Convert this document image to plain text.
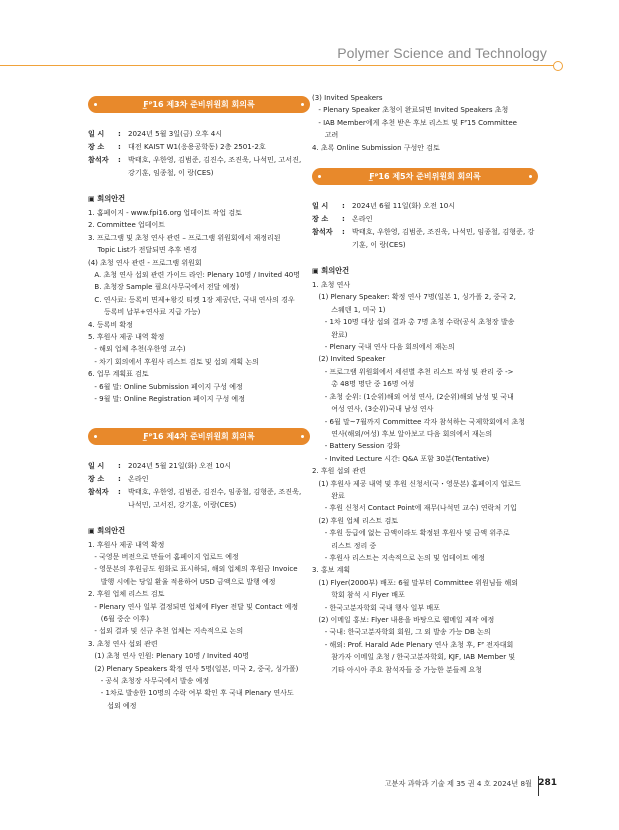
Polymer Science and Technology
F̲ᴾ16 제3차 준비위원회 회의록
일 시	:	2024년 5월 3일(금) 오후 4시
장 소	:	대전 KAIST W1(응용공학동) 2층 2501-2호
참석자	:	박태호, 우한영, 김범준, 김진수, 조진욱, 나석민, 고서진, 강기훈, 임종철, 이 랑(CES)
▣ 회의안건
1. 홈페이지 - www.fpi16.org 업데이트 작업 검토
2. Committee 업데이트
3. 프로그램 및 초청 연사 관련 – 프로그램 위원회에서 재정리된
Topic List가 전달되면 추후 변경
(4) 초청 연사 관련 - 프로그램 위원회
A. 초청 연사 섭외 관련 가이드 라인: Plenary 10명 / Invited 40명
B. 초청장 Sample 필요(사무국에서 전달 예정)
C. 연사료: 등록비 면제+왕깃 티켓 1장 제공(단, 국내 연사의 경우
등록비 납부+연사료 지급 가능)
4. 등록비 확정
5. 후원사 제공 내역 확정
- 해외 업체 추천(우한영 교수)
- 차기 회의에서 후원사 리스트 검토 및 섭외 계획 논의
6. 업무 계획표 검토
- 6월 말: Online Submission 페이지 구성 예정
- 9월 말: Online Registration 페이지 구성 예정
F̲ᴾ16 제4차 준비위원회 회의록
일 시	:	2024년 5월 21일(화) 오전 10시
장 소	:	온라인
참석자	:	박태호, 우한영, 김범준, 김진수, 임종철, 김형준, 조진욱, 나석민, 고서진, 강기훈, 이랑(CES)
▣ 회의안건
1. 후원사 제공 내역 확정
- 국영문 버전으로 만들어 홈페이지 업로드 예정
- 영문본의 후원금도 원화로 표시하되, 해외 업체의 후원금 Invoice
발행 시에는 당일 환율 적용하여 USD 금액으로 발행 예정
2. 후원 업체 리스트 검토
- Plenary 연사 일부 결정되면 업체에 Flyer 전달 및 Contact 예정
(6월 중순 이후)
- 섭외 결과 및 신규 추천 업체는 지속적으로 논의
3. 초청 연사 섭외 관련
(1) 초청 연사 인원: Plenary 10명 / Invited 40명
(2) Plenary Speakers 확정 연사 5명(일본, 미국 2, 중국, 싱가폴)
- 공식 초청장 사무국에서 발송 예정
- 1차로 발송한 10명의 수락 여부 확인 후 국내 Plenary 연사도
섭외 예정
(3) Invited Speakers
- Plenary Speaker 초청이 완료되면 Invited Speakers 초청
- IAB Member에게 추천 받은 후보 리스트 및 Fᴾ15 Committee
고려
4. 초록 Online Submission 구성안 검토
F̲ᴾ16 제5차 준비위원회 회의록
일 시	:	2024년 6월 11일(화) 오전 10시
장 소	:	온라인
참석자	:	박태호, 우한영, 김범준, 조진욱, 나석민, 임종철, 김형준, 강기훈, 이 랑(CES)
▣ 회의안건
1. 초청 연사
(1) Plenary Speaker: 확정 연사 7명(일본 1, 싱가폴 2, 중국 2,
스웨덴 1, 미국 1)
- 1차 10명 대상 섭외 결과 총 7명 초청 수락(공식 초청장 발송
완료)
- Plenary 국내 연사 다음 회의에서 재논의
(2) Invited Speaker
- 프로그램 위원회에서 세션별 추천 리스트 작성 및 관리 중 ->
총 48명 명단 중 16명 여성
- 초청 순위: (1순위)해외 여성 연사, (2순위)해외 남성 및 국내
여성 연사, (3순위)국내 남성 연사
- 6월 말~7월까지 Committee 각자 참석하는 국제학회에서 초청
연사(해외/여성) 후보 알아보고 다음 회의에서 재논의
- Battery Session 강화
- Invited Lecture 시간: Q&A 포함 30분(Tentative)
2. 후원 섭외 관련
(1) 후원사 제공 내역 및 후원 신청서(국・영문본) 홈페이지 업로드
완료
- 후원 신청서 Contact Point에 재무(나석민 교수) 연락처 기입
(2) 후원 업체 리스트 검토
- 후원 등급에 없는 금액이라도 확정된 후원사 및 금액 위주로
리스트 정리 중
- 후원사 리스트는 지속적으로 논의 및 업데이트 예정
3. 홍보 계획
(1) Flyer(2000부) 배포: 6월 말부터 Committee 위원님들 해외
학회 참석 시 Flyer 배포
- 한국고분자학회 국내 행사 일부 배포
(2) 이메일 홍보: Flyer 내용을 바탕으로 웹메일 제작 예정
- 국내: 한국고분자학회 회원, 그 외 발송 가능 DB 논의
- 해외: Prof. Harald Ade Plenary 연사 초청 후, Fᴾ 전자대회
참가자 이메일 초청 / 한국고분자학회, KJF, IAB Member 및
기타 아시아 주요 참석자들 중 가능한 분들께 요청
고분자 과학과 기술 제 35 권 4 호 2024년 8월 281
